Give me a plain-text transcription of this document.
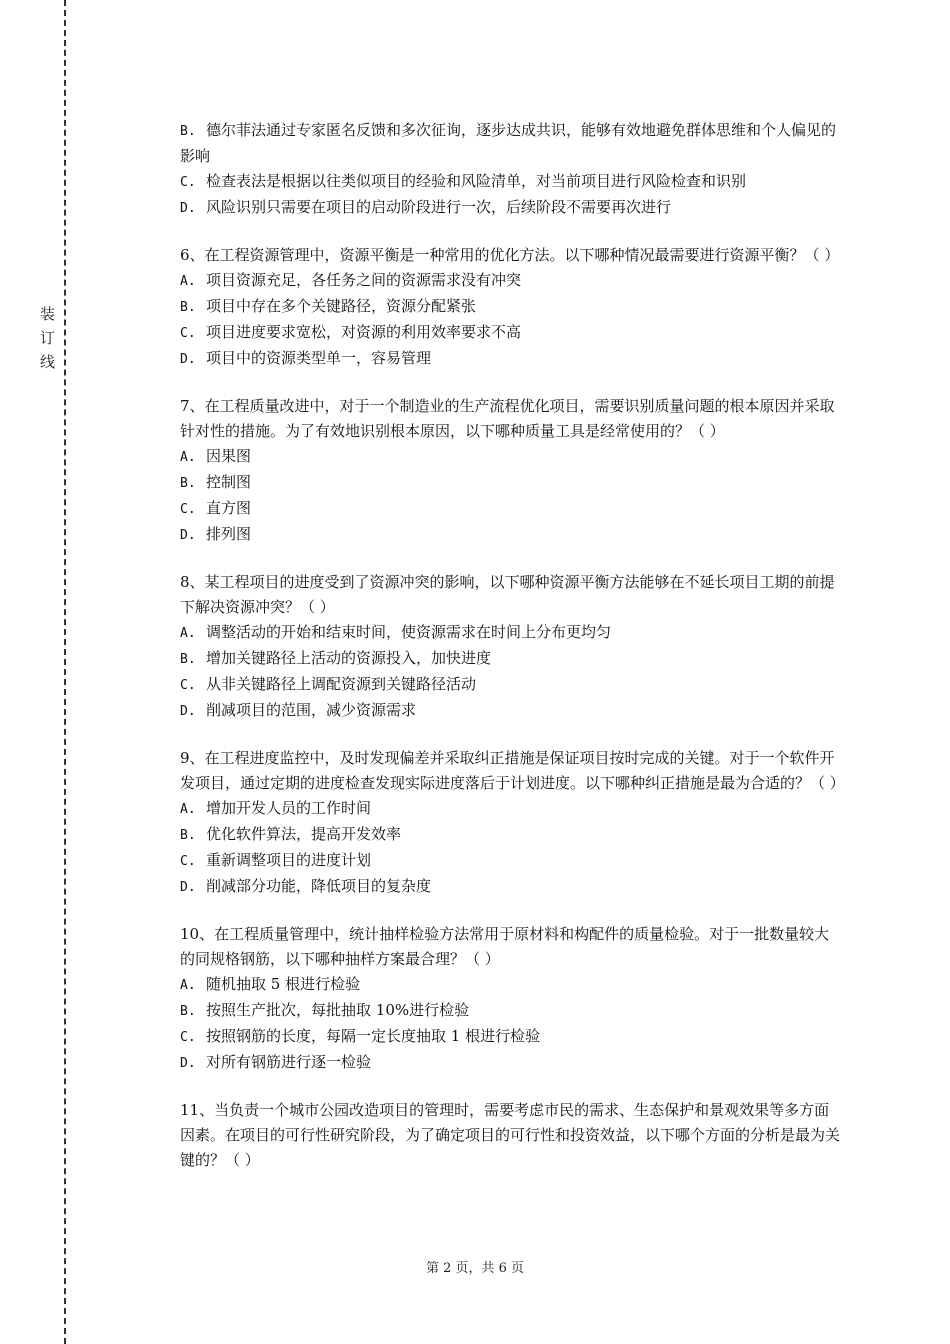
装订线

B. 德尔菲法通过专家匿名反馈和多次征询，逐步达成共识，能够有效地避免群体思维和个人偏见的影响

C. 检查表法是根据以往类似项目的经验和风险清单，对当前项目进行风险检查和识别

D. 风险识别只需要在项目的启动阶段进行一次，后续阶段不需要再次进行

6、在工程资源管理中，资源平衡是一种常用的优化方法。以下哪种情况最需要进行资源平衡？（ ）

A. 项目资源充足，各任务之间的资源需求没有冲突

B. 项目中存在多个关键路径，资源分配紧张

C. 项目进度要求宽松，对资源的利用效率要求不高

D. 项目中的资源类型单一，容易管理

7、在工程质量改进中，对于一个制造业的生产流程优化项目，需要识别质量问题的根本原因并采取针对性的措施。为了有效地识别根本原因，以下哪种质量工具是经常使用的？（ ）

A. 因果图

B. 控制图

C. 直方图

D. 排列图

8、某工程项目的进度受到了资源冲突的影响，以下哪种资源平衡方法能够在不延长项目工期的前提下解决资源冲突？（ ）

A. 调整活动的开始和结束时间，使资源需求在时间上分布更均匀

B. 增加关键路径上活动的资源投入，加快进度

C. 从非关键路径上调配资源到关键路径活动

D. 削减项目的范围，减少资源需求

9、在工程进度监控中，及时发现偏差并采取纠正措施是保证项目按时完成的关键。对于一个软件开发项目，通过定期的进度检查发现实际进度落后于计划进度。以下哪种纠正措施是最为合适的？（ ）

A. 增加开发人员的工作时间

B. 优化软件算法，提高开发效率

C. 重新调整项目的进度计划

D. 削减部分功能，降低项目的复杂度

10、在工程质量管理中，统计抽样检验方法常用于原材料和构配件的质量检验。对于一批数量较大的同规格钢筋，以下哪种抽样方案最合理？（ ）

A. 随机抽取 5 根进行检验

B. 按照生产批次，每批抽取 10%进行检验

C. 按照钢筋的长度，每隔一定长度抽取 1 根进行检验

D. 对所有钢筋进行逐一检验

11、当负责一个城市公园改造项目的管理时，需要考虑市民的需求、生态保护和景观效果等多方面因素。在项目的可行性研究阶段，为了确定项目的可行性和投资效益，以下哪个方面的分析是最为关键的？（ ）

第 2 页，共 6 页
